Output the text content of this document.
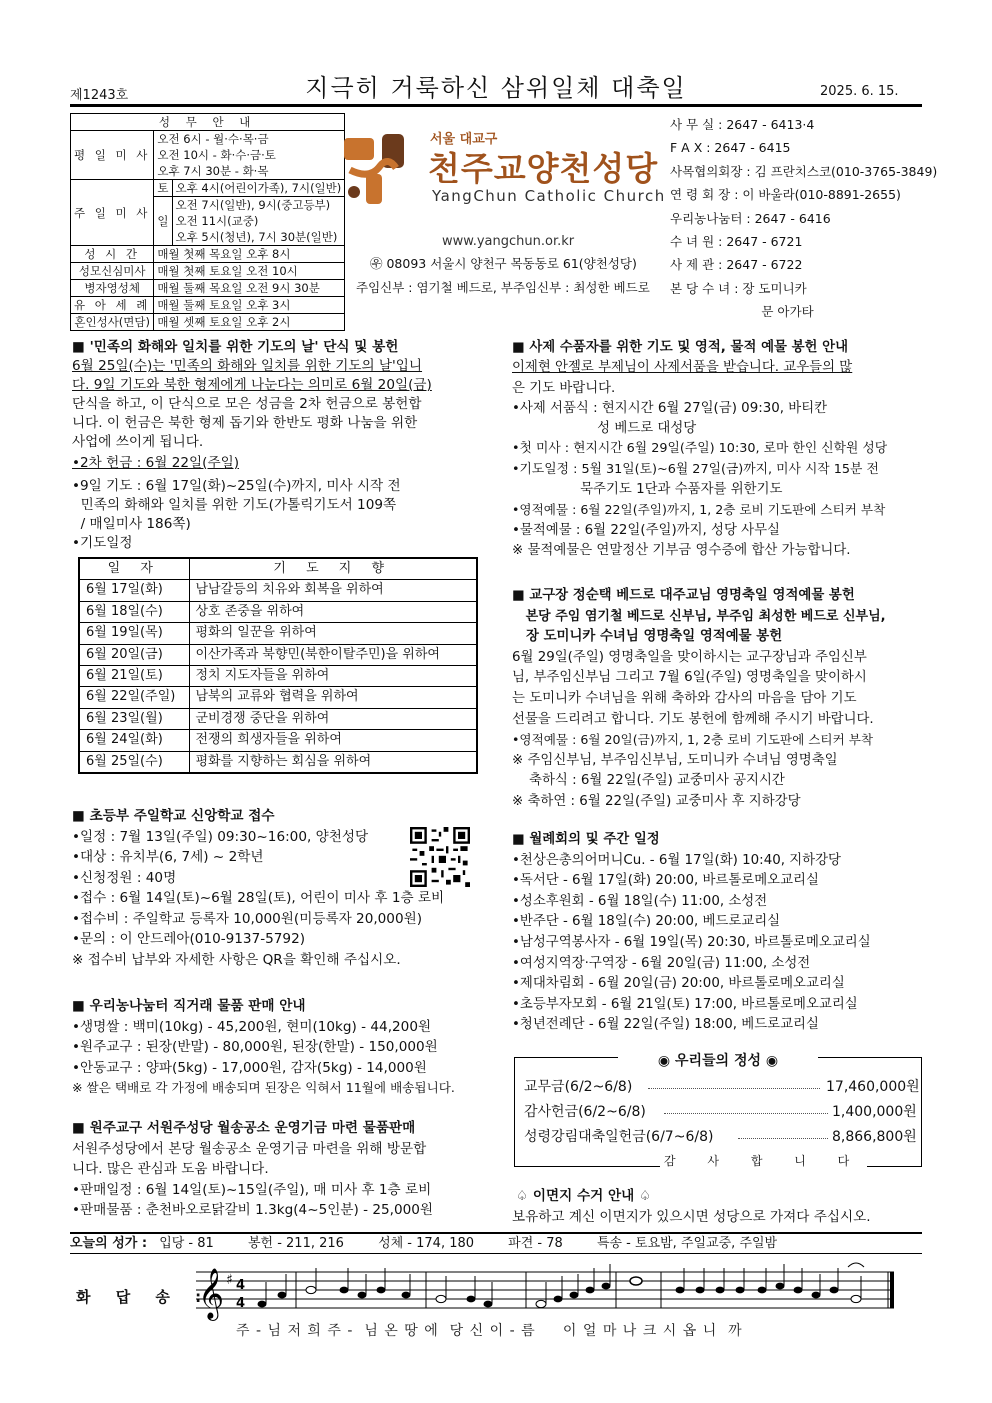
제1243호	지극히 거룩하신 삼위일체 대축일	2025. 6. 15.
성 무 안 내		
평 일 미 사	오전 6시 - 월·수·목·금
오전 10시 - 화·수·금·토
오후 7시 30분 - 화·목	

주 일 미 사	토	오후 4시(어린이가족), 7시(일반)
	일	오전 7시(일반), 9시(중고등부)
오전 11시(교중)
오후 5시(청년), 7시 30분(일반)

성 시 간	매월 첫째 목요일 오후 8시	
성모신심미사	매월 첫째 토요일 오전 10시	
병자영성체	매월 둘째 목요일 오전 9시 30분	
유 아 세 례	매월 둘째 토요일 오후 3시	
혼인성사(면담)	매월 셋째 토요일 오후 2시	
서울 대교구
천주교양천성당
YangChun Catholic Church
www.yangchun.or.kr
㉾ 08093 서울시 양천구 목동동로 61(양천성당)
주임신부 : 염기철 베드로, 부주임신부 : 최성한 베드로
사 무 실 : 2647 - 6413·4
F A X : 2647 - 6415
사목협의회장 : 김 프란치스코(010-3765-3849)
연 령 회 장 : 이 바울라(010-8891-2655)
우리농나눔터 : 2647 - 6416
수 녀 원 : 2647 - 6721
사 제 관 : 2647 - 6722
본 당 수 녀 : 장 도미니카
문 아가타

■ '민족의 화해와 일치를 위한 기도의 날' 단식 및 봉헌

6월 25일(수)는 '민족의 화해와 일치를 위한 기도의 날'입니

다. 9일 기도와 북한 형제에게 나눈다는 의미로 6월 20일(금)

단식을 하고, 이 단식으로 모은 성금을 2차 헌금으로 봉헌합

니다. 이 헌금은 북한 형제 돕기와 한반도 평화 나눔을 위한

사업에 쓰이게 됩니다.

•2차 헌금 : 6월 22일(주일)

•9일 기도 : 6월 17일(화)~25일(수)까지, 미사 시작 전

민족의 화해와 일치를 위한 기도(가톨릭기도서 109쪽

/ 매일미사 186쪽)

•기도일정

일 자	기 도 지 향
6월 17일(화)	남남갈등의 치유와 회복을 위하여
6월 18일(수)	상호 존중을 위하여
6월 19일(목)	평화의 일꾼을 위하여
6월 20일(금)	이산가족과 북향민(북한이탈주민)을 위하여
6월 21일(토)	정치 지도자들을 위하여
6월 22일(주일)	남북의 교류와 협력을 위하여
6월 23일(월)	군비경쟁 중단을 위하여
6월 24일(화)	전쟁의 희생자들을 위하여
6월 25일(수)	평화를 지향하는 회심을 위하여

■ 초등부 주일학교 신앙학교 접수

•일정 : 7월 13일(주일) 09:30~16:00, 양천성당

•대상 : 유치부(6, 7세) ~ 2학년

•신청정원 : 40명

•접수 : 6월 14일(토)~6월 28일(토), 어린이 미사 후 1층 로비

•접수비 : 주일학교 등록자 10,000원(미등록자 20,000원)

•문의 : 이 안드레아(010-9137-5792)

※ 접수비 납부와 자세한 사항은 QR을 확인해 주십시오.

■ 우리농나눔터 직거래 물품 판매 안내

•생명쌀 : 백미(10kg) - 45,200원, 현미(10kg) - 44,200원

•원주교구 : 된장(반말) - 80,000원, 된장(한말) - 150,000원

•안동교구 : 양파(5kg) - 17,000원, 감자(5kg) - 14,000원

※ 쌀은 택배로 각 가정에 배송되며 된장은 익혀서 11월에 배송됩니다.

■ 원주교구 서원주성당 월송공소 운영기금 마련 물품판매

서원주성당에서 본당 월송공소 운영기금 마련을 위해 방문합

니다. 많은 관심과 도움 바랍니다.

•판매일정 : 6월 14일(토)~15일(주일), 매 미사 후 1층 로비

•판매물품 : 춘천바오로닭갈비 1.3kg(4~5인분) - 25,000원

■ 사제 수품자를 위한 기도 및 영적, 물적 예물 봉헌 안내

이제현 안젤로 부제님이 사제서품을 받습니다. 교우들의 많

은 기도 바랍니다.

•사제 서품식 : 현지시간 6월 27일(금) 09:30, 바티칸

성 베드로 대성당

•첫 미사 : 현지시간 6월 29일(주일) 10:30, 로마 한인 신학원 성당

•기도일정 : 5월 31일(토)~6월 27일(금)까지, 미사 시작 15분 전

묵주기도 1단과 수품자를 위한기도

•영적예물 : 6월 22일(주일)까지, 1, 2층 로비 기도판에 스티커 부착

•물적예물 : 6월 22일(주일)까지, 성당 사무실

※ 물적예물은 연말정산 기부금 영수증에 합산 가능합니다.

■ 교구장 정순택 베드로 대주교님 영명축일 영적예물 봉헌

본당 주임 염기철 베드로 신부님, 부주임 최성한 베드로 신부님,

장 도미니카 수녀님 영명축일 영적예물 봉헌

6월 29일(주일) 영명축일을 맞이하시는 교구장님과 주임신부

님, 부주임신부님 그리고 7월 6일(주일) 영명축일을 맞이하시

는 도미니카 수녀님을 위해 축하와 감사의 마음을 담아 기도

선물을 드리려고 합니다. 기도 봉헌에 함께해 주시기 바랍니다.

•영적예물 : 6월 20일(금)까지, 1, 2층 로비 기도판에 스티커 부착

※ 주임신부님, 부주임신부님, 도미니카 수녀님 영명축일

축하식 : 6월 22일(주일) 교중미사 공지시간

※ 축하연 : 6월 22일(주일) 교중미사 후 지하강당

■ 월례회의 및 주간 일정

•천상은총의어머니Cu. - 6월 17일(화) 10:40, 지하강당

•독서단 - 6월 17일(화) 20:00, 바르톨로메오교리실

•성소후원회 - 6월 18일(수) 11:00, 소성전

•반주단 - 6월 18일(수) 20:00, 베드로교리실

•남성구역봉사자 - 6월 19일(목) 20:30, 바르톨로메오교리실

•여성지역장·구역장 - 6월 20일(금) 11:00, 소성전

•제대차림회 - 6월 20일(금) 20:00, 바르톨로메오교리실

•초등부자모회 - 6월 21일(토) 17:00, 바르톨로메오교리실

•청년전례단 - 6월 22일(주일) 18:00, 베드로교리실

◉ 우리들의 정성 ◉
교무금(6/2~6/8)	17,460,000원
감사헌금(6/2~6/8)	1,400,000원
성령강림대축일헌금(6/7~6/8)	8,866,800원
감 사 합 니 다

♤ 이면지 수거 안내 ♤

보유하고 계신 이면지가 있으시면 성당으로 가져다 주십시오.

오늘의 성가 : 입당 - 81	봉헌 - 211, 216	성체 - 174, 180	파견 - 78	특송 - 토요밤, 주일교중, 주일밤
화 답 송 :
𝄞 ♯ 4
4
주 - 님 저 희 주 -  님 온 땅 에  당 신 이 - 름     이 얼 마 나 크 시 옵 니  까
